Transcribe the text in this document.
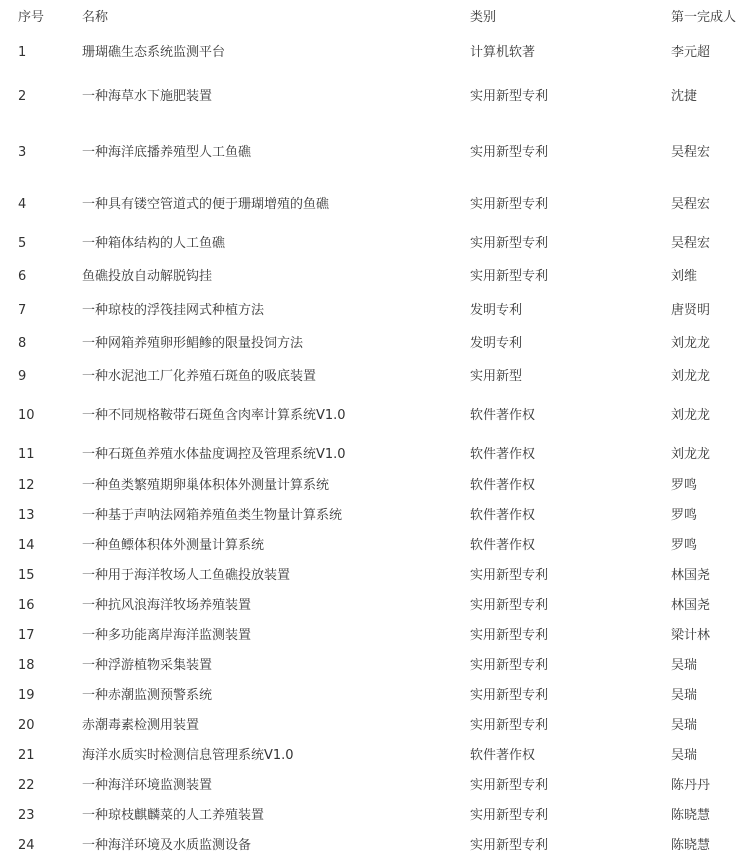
序号	名称	类别	第一完成人
1	珊瑚礁生态系统监测平台	计算机软著	李元超
2	一种海草水下施肥装置	实用新型专利	沈捷
3	一种海洋底播养殖型人工鱼礁	实用新型专利	吴程宏
4	一种具有镂空管道式的便于珊瑚增殖的鱼礁	实用新型专利	吴程宏
5	一种箱体结构的人工鱼礁	实用新型专利	吴程宏
6	鱼礁投放自动解脱钩挂	实用新型专利	刘维
7	一种琼枝的浮筏挂网式种植方法	发明专利	唐贤明
8	一种网箱养殖卵形鲳鲹的限量投饲方法	发明专利	刘龙龙
9	一种水泥池工厂化养殖石斑鱼的吸底装置	实用新型	刘龙龙
10	一种不同规格鞍带石斑鱼含肉率计算系统V1.0	软件著作权	刘龙龙
11	一种石斑鱼养殖水体盐度调控及管理系统V1.0	软件著作权	刘龙龙
12	一种鱼类繁殖期卵巢体积体外测量计算系统	软件著作权	罗鸣
13	一种基于声呐法网箱养殖鱼类生物量计算系统	软件著作权	罗鸣
14	一种鱼鳔体积体外测量计算系统	软件著作权	罗鸣
15	一种用于海洋牧场人工鱼礁投放装置	实用新型专利	林国尧
16	一种抗风浪海洋牧场养殖装置	实用新型专利	林国尧
17	一种多功能离岸海洋监测装置	实用新型专利	梁计林
18	一种浮游植物采集装置	实用新型专利	吴瑞
19	一种赤潮监测预警系统	实用新型专利	吴瑞
20	赤潮毒素检测用装置	实用新型专利	吴瑞
21	海洋水质实时检测信息管理系统V1.0	软件著作权	吴瑞
22	一种海洋环境监测装置	实用新型专利	陈丹丹
23	一种琼枝麒麟菜的人工养殖装置	实用新型专利	陈晓慧
24	一种海洋环境及水质监测设备	实用新型专利	陈晓慧
